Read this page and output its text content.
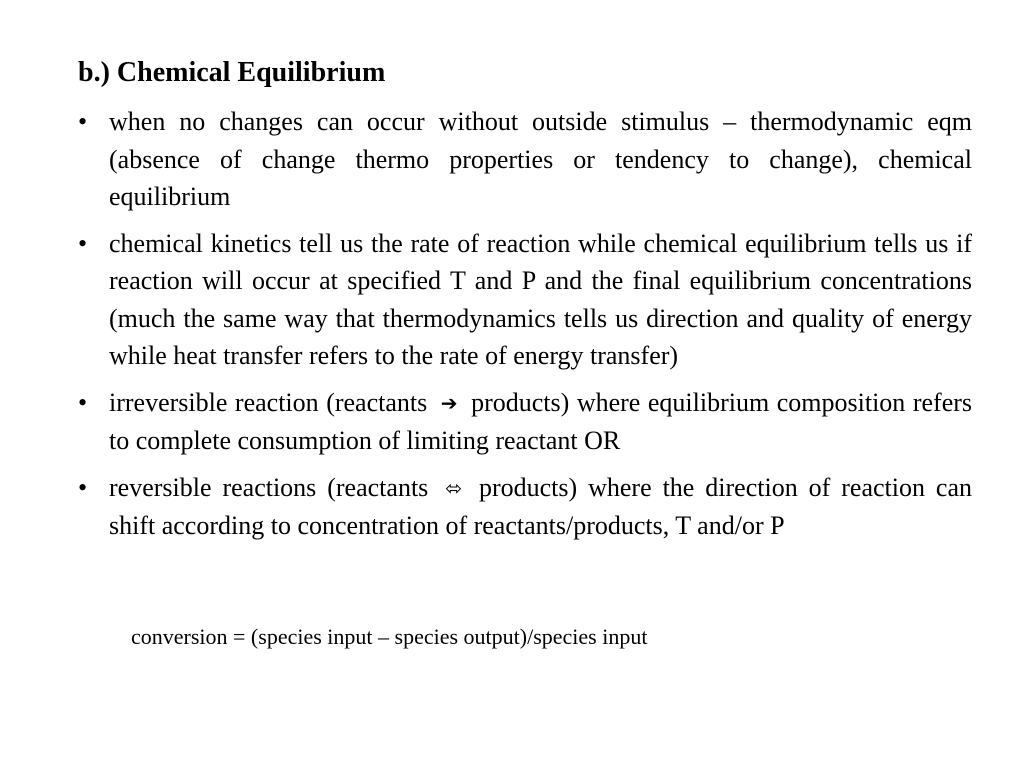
b.) Chemical Equilibrium
• when no changes can occur without outside stimulus – thermodynamic eqm (absence of change thermo properties or tendency to change), chemical equilibrium
• chemical kinetics tell us the rate of reaction while chemical equilibrium tells us if reaction will occur at specified T and P and the final equilibrium concentrations (much the same way that thermodynamics tells us direction and quality of energy while heat transfer refers to the rate of energy transfer)
• irreversible reaction (reactants ➔ products) where equilibrium composition refers to complete consumption of limiting reactant OR
• reversible reactions (reactants ⬄ products) where the direction of reaction can shift according to concentration of reactants/products, T and/or P
conversion = (species input – species output)/species input
